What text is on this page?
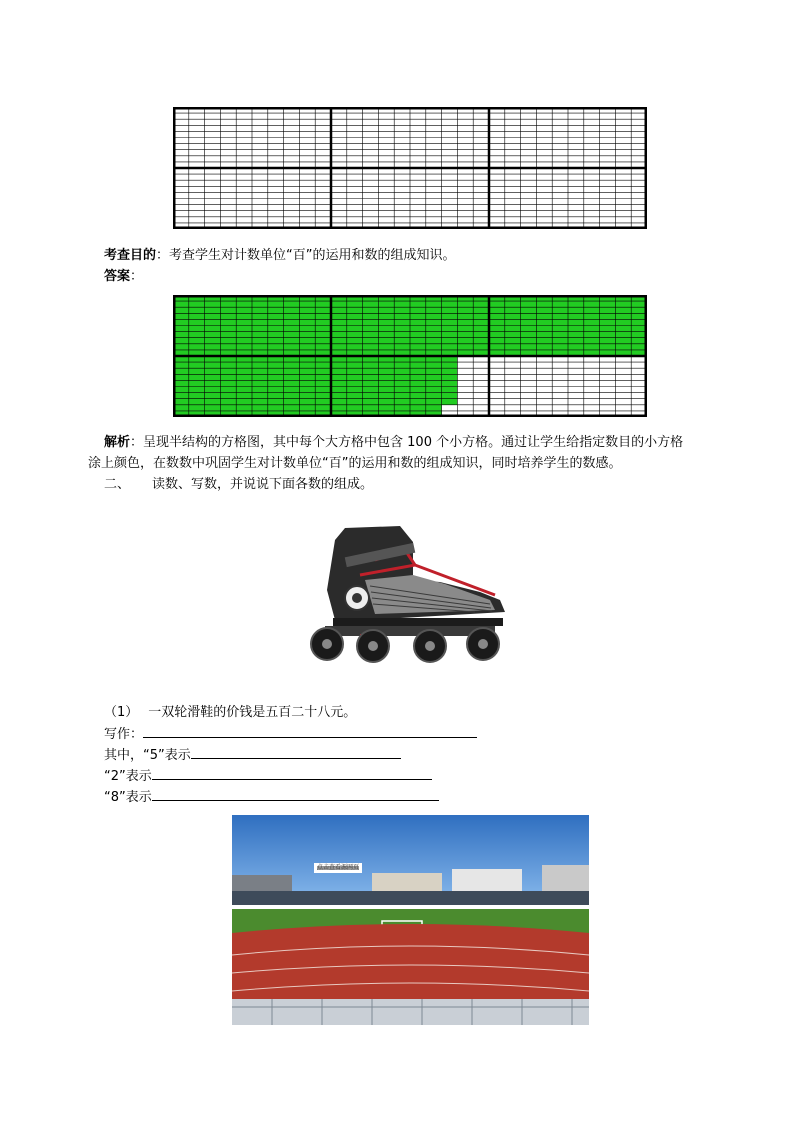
考查目的：考查学生对计数单位“百”的运用和数的组成知识。
答案：
解析：呈现半结构的方格图，其中每个大方格中包含 100 个小方格。通过让学生给指定数目的小方格
涂上颜色，在数数中巩固学生对计数单位“百”的运用和数的组成知识，同时培养学生的数感。
二、 读数、写数，并说说下面各数的组成。
（1） 一双轮滑鞋的价钱是五百二十八元。
写作：
其中，“5”表示
“2”表示
“8”表示
点击查看源网页
